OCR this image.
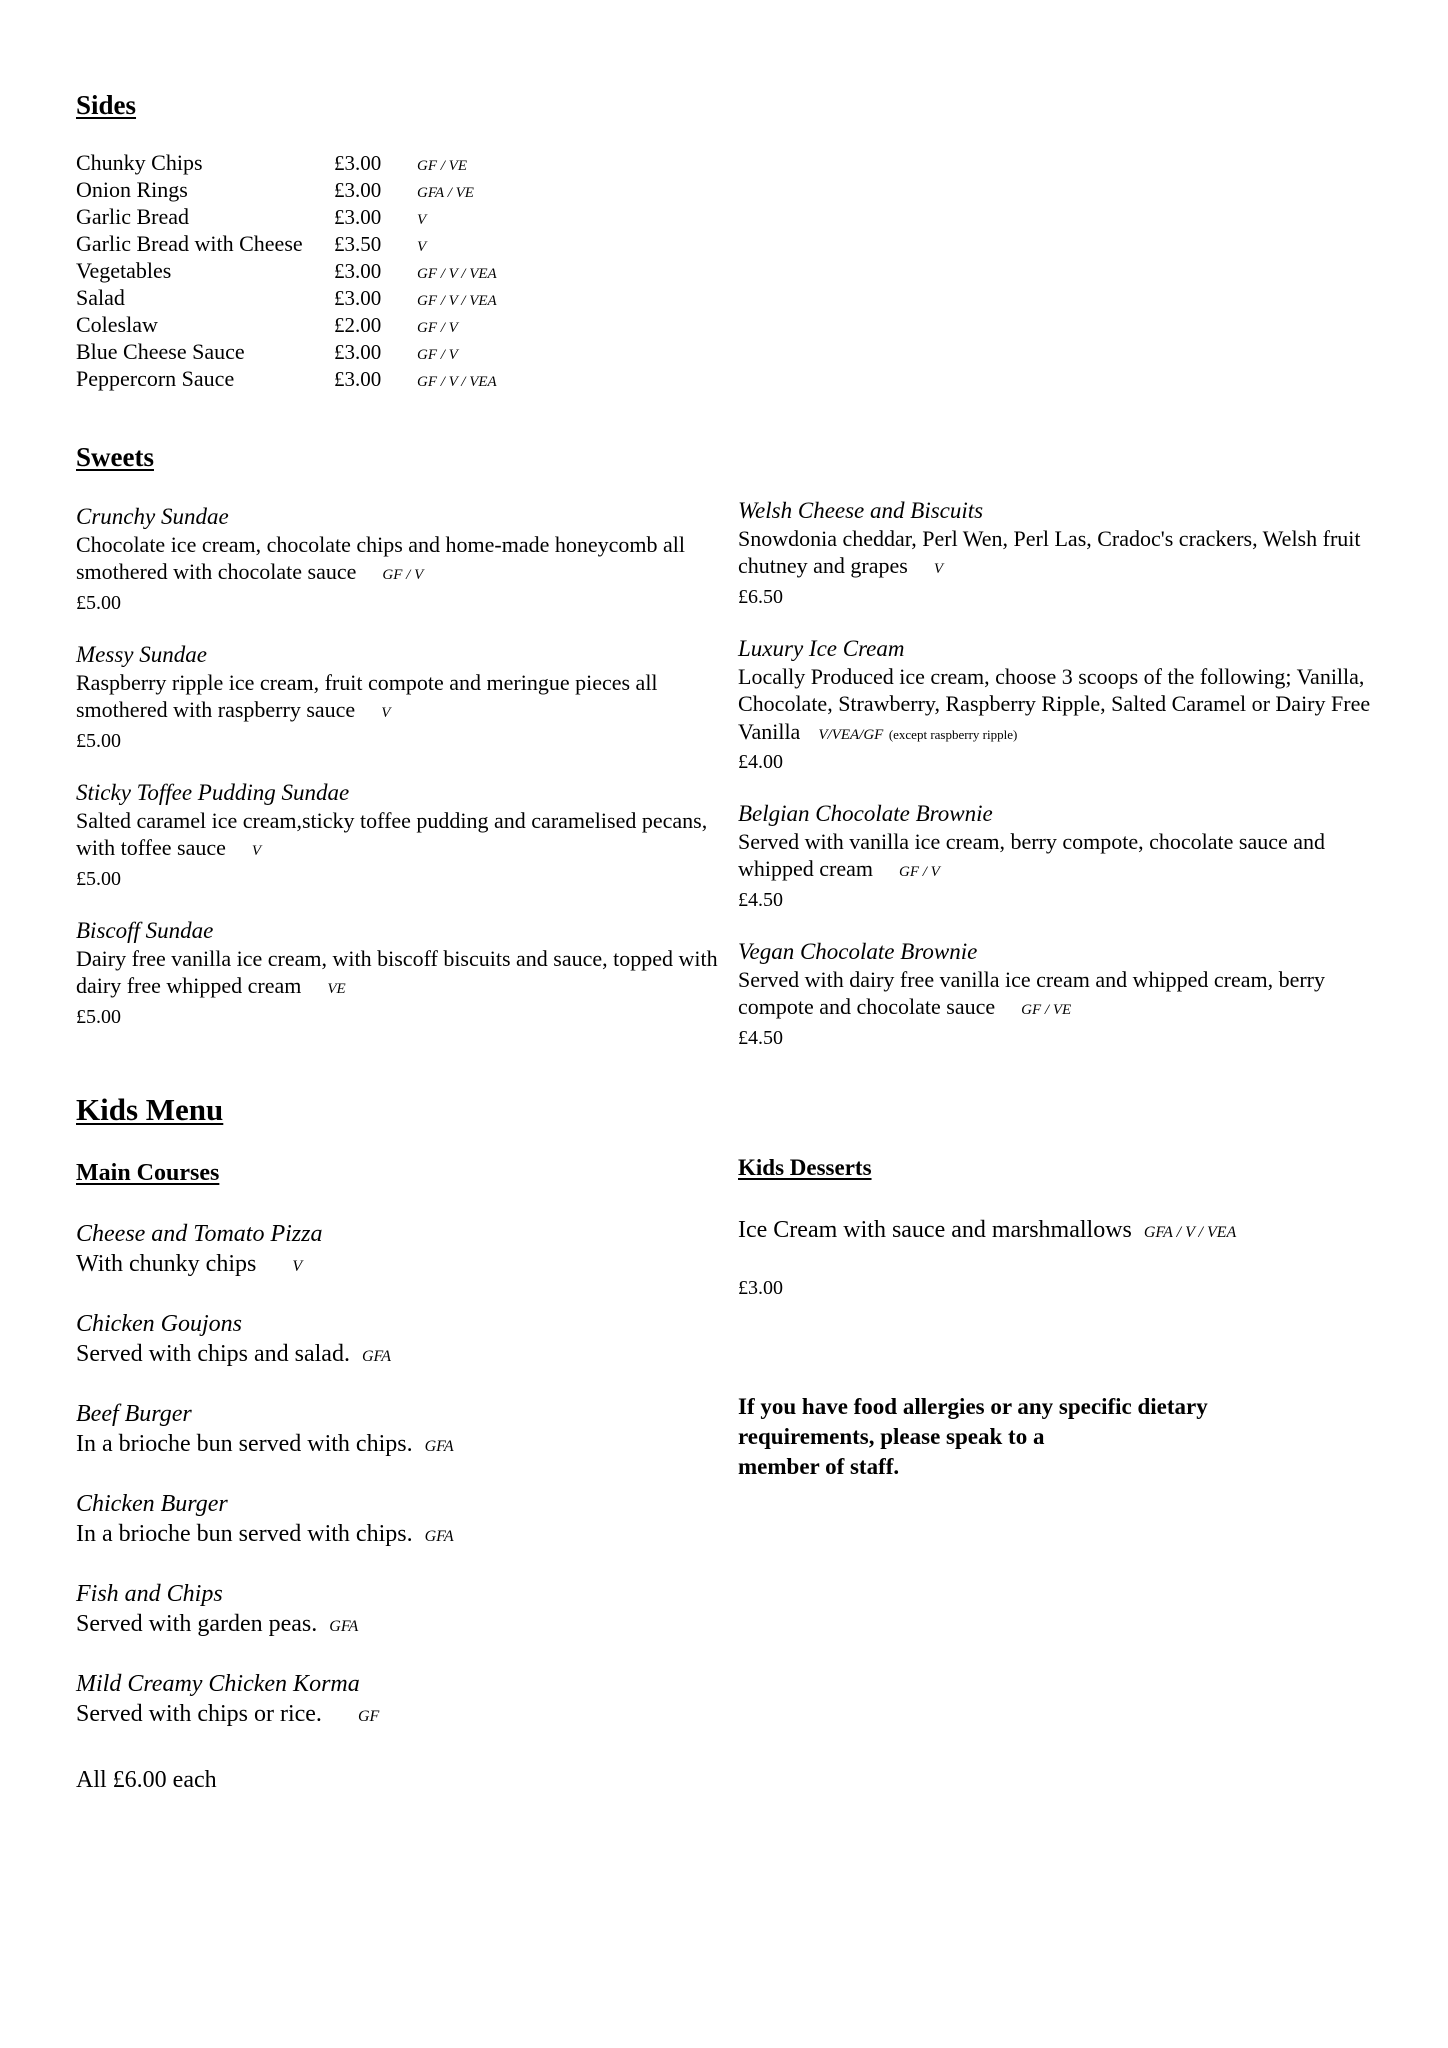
Sides
Chunky Chips	£3.00	GF / VE
Onion Rings	£3.00	GFA / VE
Garlic Bread	£3.00	V
Garlic Bread with Cheese	£3.50	V
Vegetables	£3.00	GF / V / VEA
Salad	£3.00	GF / V / VEA
Coleslaw	£2.00	GF / V
Blue Cheese Sauce	£3.00	GF / V
Peppercorn Sauce	£3.00	GF / V / VEA
Sweets
Crunchy Sundae
Chocolate ice cream, chocolate chips and home-made honeycomb all smothered with chocolate sauce GF / V
£5.00
Messy Sundae
Raspberry ripple ice cream, fruit compote and meringue pieces all smothered with raspberry sauce V
£5.00
Sticky Toffee Pudding Sundae
Salted caramel ice cream,sticky toffee pudding and caramelised pecans, with toffee sauce V
£5.00
Biscoff Sundae
Dairy free vanilla ice cream, with biscoff biscuits and sauce, topped with dairy free whipped cream VE
£5.00
Welsh Cheese and Biscuits
Snowdonia cheddar, Perl Wen, Perl Las, Cradoc's crackers, Welsh fruit chutney and grapes V
£6.50
Luxury Ice Cream
Locally Produced ice cream, choose 3 scoops of the following; Vanilla, Chocolate, Strawberry, Raspberry Ripple, Salted Caramel or Dairy Free Vanilla V/VEA/GF (except raspberry ripple)
£4.00
Belgian Chocolate Brownie
Served with vanilla ice cream, berry compote, chocolate sauce and whipped cream GF / V
£4.50
Vegan Chocolate Brownie
Served with dairy free vanilla ice cream and whipped cream, berry compote and chocolate sauce GF / VE
£4.50
Kids Menu
Main Courses
Cheese and Tomato Pizza
With chunky chips V
Chicken Goujons
Served with chips and salad. GFA
Beef Burger
In a brioche bun served with chips. GFA
Chicken Burger
In a brioche bun served with chips. GFA
Fish and Chips
Served with garden peas. GFA
Mild Creamy Chicken Korma
Served with chips or rice. GF
All £6.00 each
Kids Desserts
Ice Cream with sauce and marshmallows GFA / V / VEA
£3.00
If you have food allergies or any specific dietary
requirements, please speak to a
member of staff.
